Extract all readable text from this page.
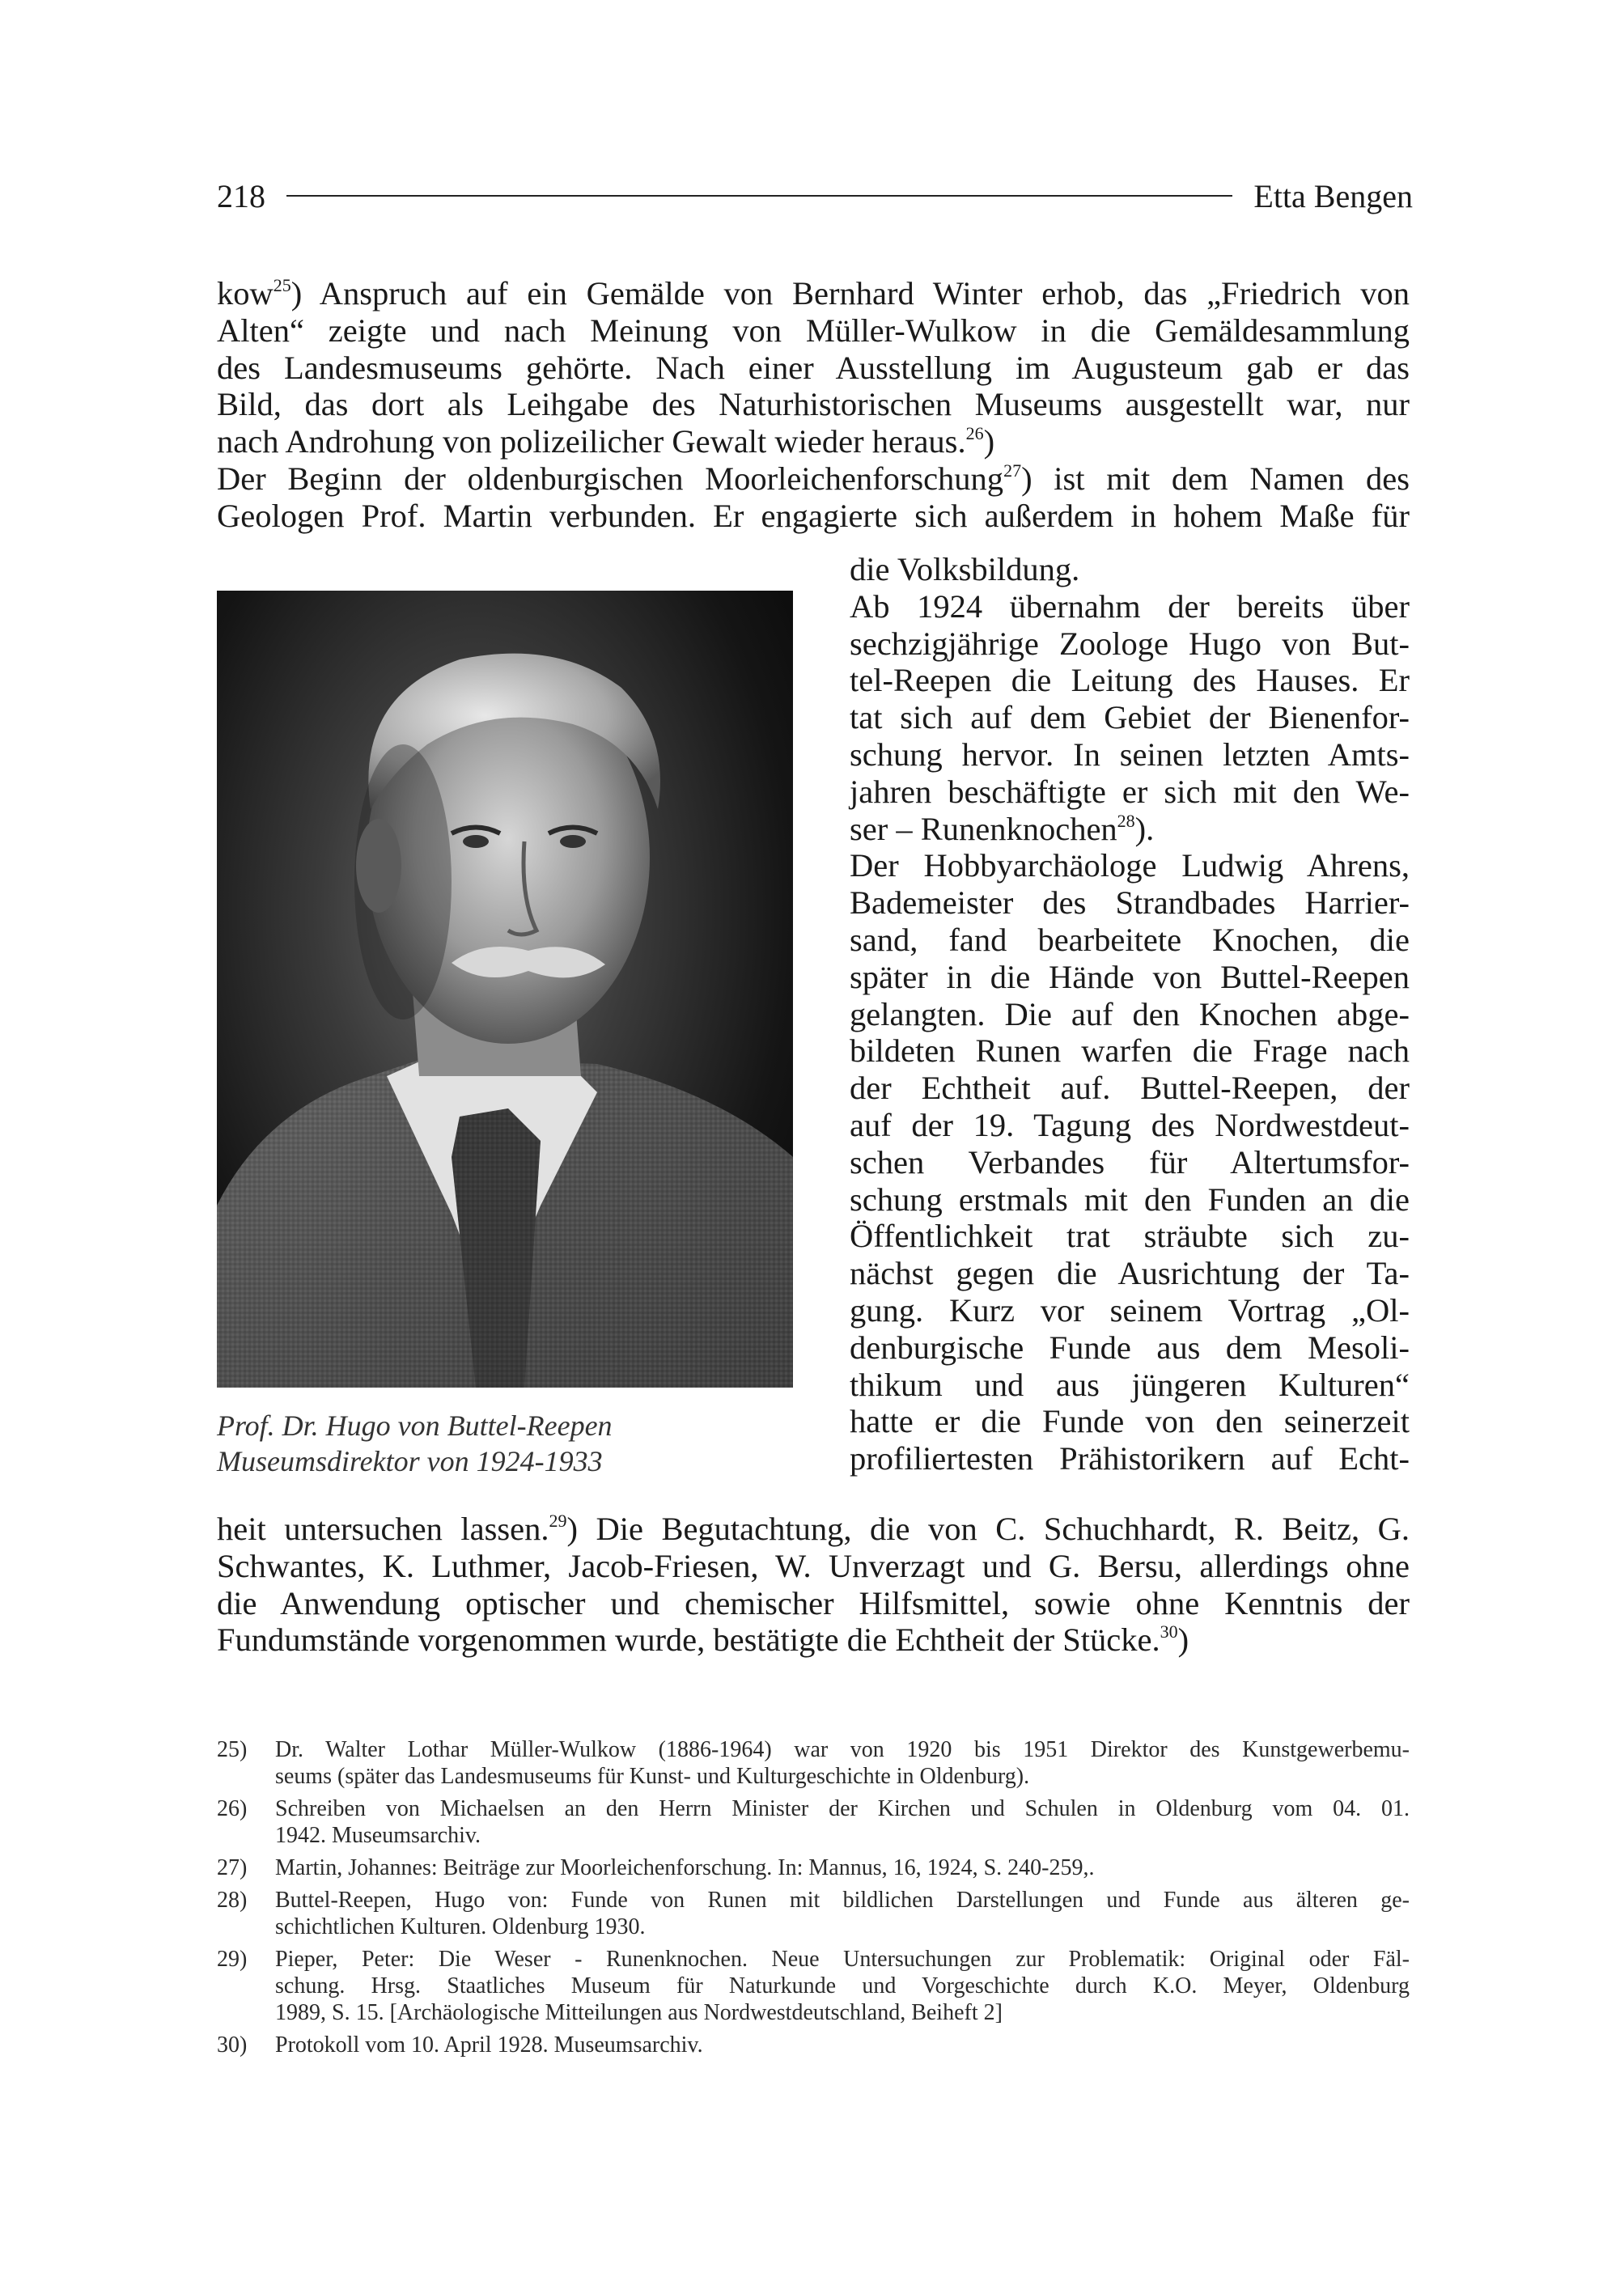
218	Etta Bengen
kow$^{25}$) Anspruch auf ein Gemälde von Bernhard Winter erhob, das „Friedrich von
Alten“ zeigte und nach Meinung von Müller-Wulkow in die Gemäldesammlung
des Landesmuseums gehörte. Nach einer Ausstellung im Augusteum gab er das
Bild, das dort als Leihgabe des Naturhistorischen Museums ausgestellt war, nur
nach Androhung von polizeilicher Gewalt wieder heraus.$^{26}$)
Der Beginn der oldenburgischen Moorleichenforschung$^{27}$) ist mit dem Namen des
Geologen Prof. Martin verbunden. Er engagierte sich außerdem in hohem Maße für
Prof. Dr. Hugo von Buttel-Reepen
Museumsdirektor von 1924-1933
die Volksbildung.
Ab 1924 übernahm der bereits über
sechzigjährige Zoologe Hugo von But-
tel-Reepen die Leitung des Hauses. Er
tat sich auf dem Gebiet der Bienenfor-
schung hervor. In seinen letzten Amts-
jahren beschäftigte er sich mit den We-
ser – Runenknochen$^{28}$).
Der Hobbyarchäologe Ludwig Ahrens,
Bademeister des Strandbades Harrier-
sand, fand bearbeitete Knochen, die
später in die Hände von Buttel-Reepen
gelangten. Die auf den Knochen abge-
bildeten Runen warfen die Frage nach
der Echtheit auf. Buttel-Reepen, der
auf der 19. Tagung des Nordwestdeut-
schen Verbandes für Altertumsfor-
schung erstmals mit den Funden an die
Öffentlichkeit trat sträubte sich zu-
nächst gegen die Ausrichtung der Ta-
gung. Kurz vor seinem Vortrag „Ol-
denburgische Funde aus dem Mesoli-
thikum und aus jüngeren Kulturen“
hatte er die Funde von den seinerzeit
profiliertesten Prähistorikern auf Echt-
heit untersuchen lassen.$^{29}$) Die Begutachtung, die von C. Schuchhardt, R. Beitz, G.
Schwantes, K. Luthmer, Jacob-Friesen, W. Unverzagt und G. Bersu, allerdings ohne
die Anwendung optischer und chemischer Hilfsmittel, sowie ohne Kenntnis der
Fundumstände vorgenommen wurde, bestätigte die Echtheit der Stücke.$^{30}$)
25)	Dr. Walter Lothar Müller-Wulkow (1886-1964) war von 1920 bis 1951 Direktor des Kunstgewerbemu-
seums (später das Landesmuseums für Kunst- und Kulturgeschichte in Oldenburg).
26)	Schreiben von Michaelsen an den Herrn Minister der Kirchen und Schulen in Oldenburg vom 04. 01.
1942. Museumsarchiv.
27)	Martin, Johannes: Beiträge zur Moorleichenforschung. In: Mannus, 16, 1924, S. 240-259,.
28)	Buttel-Reepen, Hugo von: Funde von Runen mit bildlichen Darstellungen und Funde aus älteren ge-
schichtlichen Kulturen. Oldenburg 1930.
29)	Pieper, Peter: Die Weser - Runenknochen. Neue Untersuchungen zur Problematik: Original oder Fäl-
schung. Hrsg. Staatliches Museum für Naturkunde und Vorgeschichte durch K.O. Meyer, Oldenburg
1989, S. 15. [Archäologische Mitteilungen aus Nordwestdeutschland, Beiheft 2]
30)	Protokoll vom 10. April 1928. Museumsarchiv.
